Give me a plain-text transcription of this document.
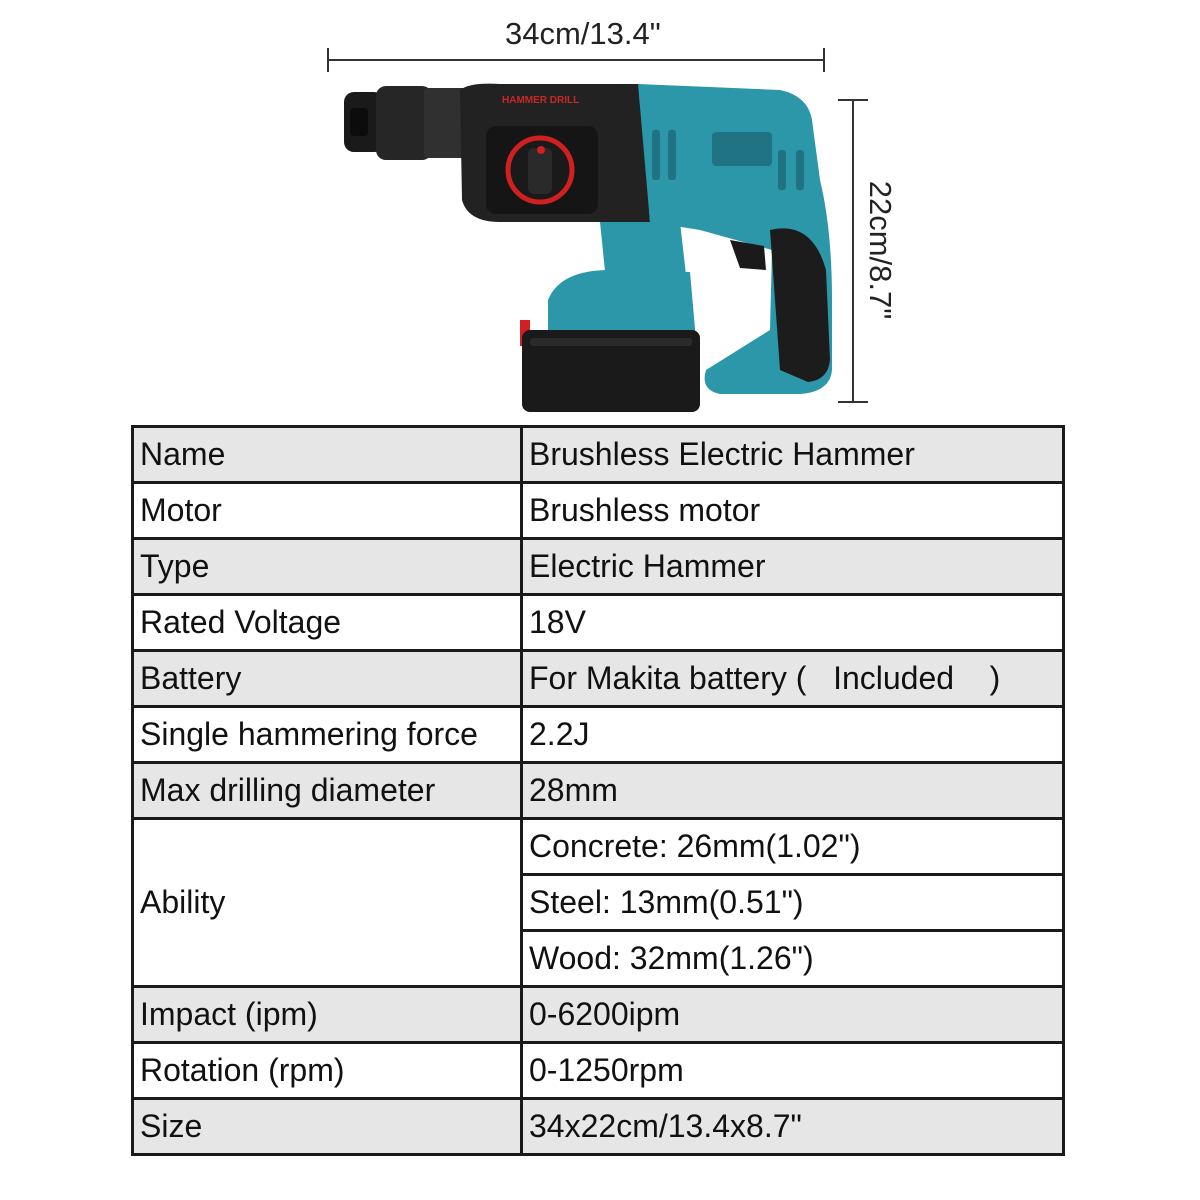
34cm/13.4"
22cm/8.7"
HAMMER DRILL
Name	Brushless Electric Hammer
Motor	Brushless motor
Type	Electric Hammer
Rated Voltage	18V
Battery	For Makita battery (   Included    )
Single hammering force	2.2J
Max drilling diameter	28mm
Ability	Concrete: 26mm(1.02")
	Steel: 13mm(0.51")
	Wood: 32mm(1.26")
Impact (ipm)	0-6200ipm
Rotation (rpm)	0-1250rpm
Size	34x22cm/13.4x8.7"
